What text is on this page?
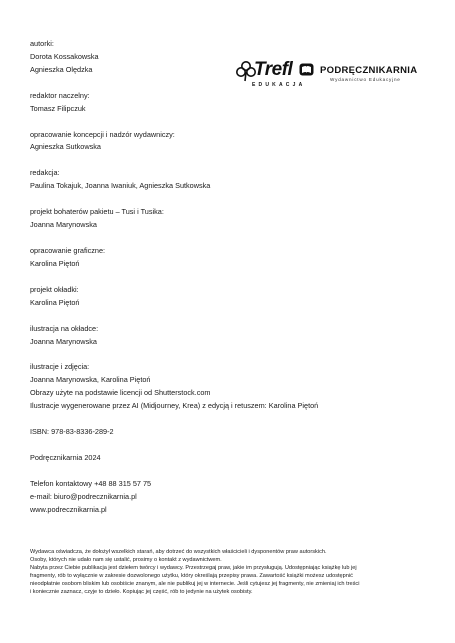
autorki:
Dorota Kossakowska
Agnieszka Olędzka
redaktor naczelny:
Tomasz Filipczuk
opracowanie koncepcji i nadzór wydawniczy:
Agnieszka Sutkowska
redakcja:
Paulina Tokajuk, Joanna Iwaniuk, Agnieszka Sutkowska
projekt bohaterów pakietu – Tusi i Tusika:
Joanna Marynowska
opracowanie graficzne:
Karolina Piętoń
projekt okładki:
Karolina Piętoń
ilustracja na okładce:
Joanna Marynowska
ilustracje i zdjęcia:
Joanna Marynowska, Karolina Piętoń
Obrazy użyte na podstawie licencji od Shutterstock.com
Ilustracje wygenerowane przez AI (Midjourney, Krea) z edycją i retuszem: Karolina Piętoń
ISBN: 978-83-8336-289-2
Podręcznikarnia 2024
Telefon kontaktowy +48 88 315 57 75
e-mail: biuro@podrecznikarnia.pl
www.podrecznikarnia.pl
Trefl
EDUKACJA
PODRĘCZNIKARNIA
Wydawnictwo Edukacyjne
Wydawca oświadcza, że dołożył wszelkich starań, aby dotrzeć do wszystkich właścicieli i dysponentów praw autorskich.
Osoby, których nie udało nam się ustalić, prosimy o kontakt z wydawnictwem.
Nabyta przez Ciebie publikacja jest dziełem twórcy i wydawcy. Przestrzegaj praw, jakie im przysługują. Udostępniając książkę lub jej
fragmenty, rób to wyłącznie w zakresie dozwolonego użytku, który określają przepisy prawa. Zawartość książki możesz udostępnić
nieodpłatnie osobom bliskim lub osobiście znanym, ale nie publikuj jej w internecie. Jeśli cytujesz jej fragmenty, nie zmieniaj ich treści
i koniecznie zaznacz, czyje to dzieło. Kopiując jej część, rób to jedynie na użytek osobisty.
